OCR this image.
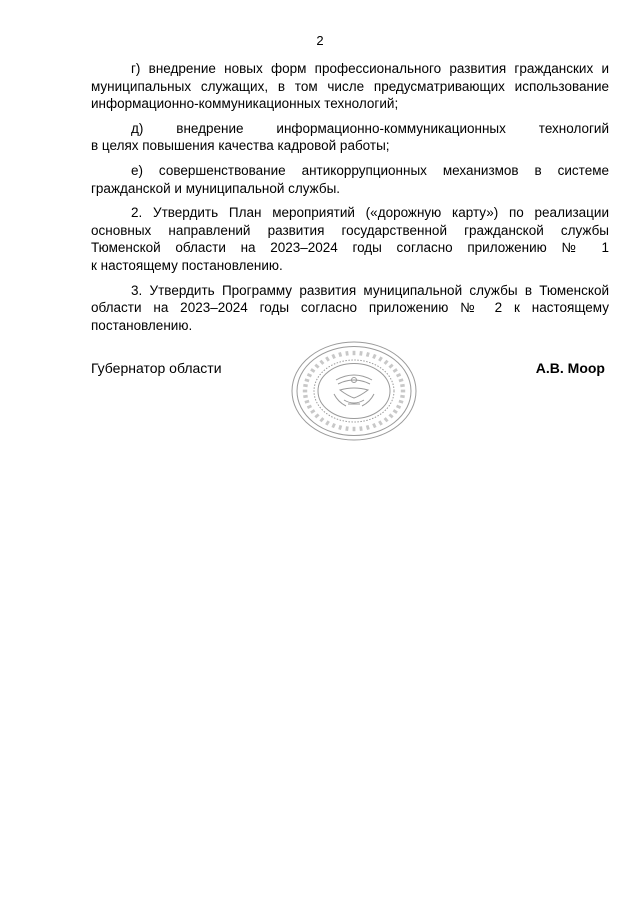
2

г) внедрение новых форм профессионального развития гражданских и
муниципальных служащих, в том числе предусматривающих использование
информационно-коммуникационных технологий;

д) внедрение информационно-коммуникационных технологий
в целях повышения качества кадровой работы;

е) совершенствование антикоррупционных механизмов в системе
гражданской и муниципальной службы.

2. Утвердить План мероприятий («дорожную карту») по реализации
основных направлений развития государственной гражданской службы
Тюменской области на 2023–2024 годы согласно приложению № 1
к настоящему постановлению.

3. Утвердить Программу развития муниципальной службы в Тюменской
области на 2023–2024 годы согласно приложению № 2 к настоящему
постановлению.

Губернатор области	А.В. Моор
